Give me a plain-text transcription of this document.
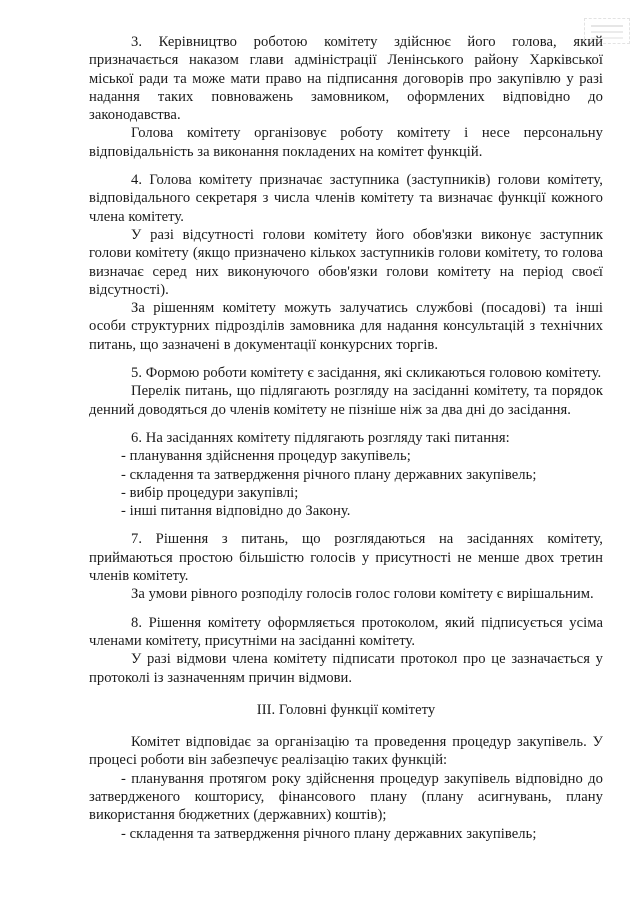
3. Керівництво роботою комітету здійснює його голова, який призначається наказом глави адміністрації Ленінського району Харківської міської ради та може мати право на підписання договорів про закупівлю у разі надання таких повноважень замовником, оформлених відповідно до законодавства.

Голова комітету організовує роботу комітету і несе персональну відповідальність за виконання покладених на комітет функцій.

4. Голова комітету призначає заступника (заступників) голови комітету, відповідального секретаря з числа членів комітету та визначає функції кожного члена комітету.

У разі відсутності голови комітету його обов'язки виконує заступник голови комітету (якщо призначено кількох заступників голови комітету, то голова визначає серед них виконуючого обов'язки голови комітету на період своєї відсутності).

За рішенням комітету можуть залучатись службові (посадові) та інші особи структурних підрозділів замовника для надання консультацій з технічних питань, що зазначені в документації конкурсних торгів.

5. Формою роботи комітету є засідання, які скликаються головою комітету.

Перелік питань, що підлягають розгляду на засіданні комітету, та порядок денний доводяться до членів комітету не пізніше ніж за два дні до засідання.

6. На засіданнях комітету підлягають розгляду такі питання:

- планування здійснення процедур закупівель;

- складення та затвердження річного плану державних закупівель;

- вибір процедури закупівлі;

- інші питання відповідно до Закону.

7. Рішення з питань, що розглядаються на засіданнях комітету, приймаються простою більшістю голосів у присутності не менше двох третин членів комітету.

За умови рівного розподілу голосів голос голови комітету є вирішальним.

8. Рішення комітету оформляється протоколом, який підписується усіма членами комітету, присутніми на засіданні комітету.

У разі відмови члена комітету підписати протокол про це зазначається у протоколі із зазначенням причин відмови.

ІІІ. Головні функції комітету

Комітет відповідає за організацію та проведення процедур закупівель. У процесі роботи він забезпечує реалізацію таких функцій:

- планування протягом року здійснення процедур закупівель відповідно до затвердженого кошторису, фінансового плану (плану асигнувань, плану використання бюджетних (державних) коштів);

- складення та затвердження річного плану державних закупівель;
